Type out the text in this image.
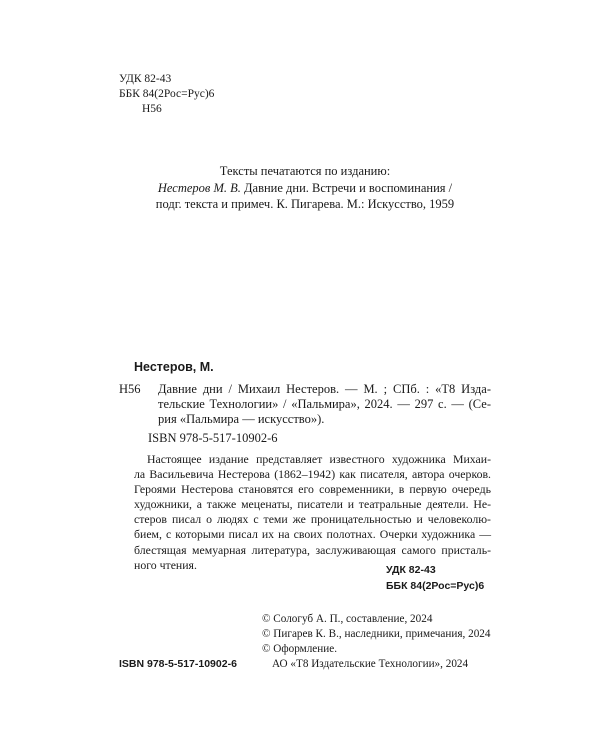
УДК 82-43
ББК 84(2Рос=Рус)6
Н56
Тексты печатаются по изданию:
Нестеров М. В. Давние дни. Встречи и воспоминания /
подг. текста и примеч. К. Пигарева. М.: Искусство, 1959
Нестеров, М.
Н56 Давние дни / Михаил Нестеров. — М. ; СПб. : «Т8 Изда-
тельские Технологии» / «Пальмира», 2024. — 297 с. — (Се-
рия «Пальмира — искусство»).
ISBN 978-5-517-10902-6
Настоящее издание представляет известного художника Михаи-
ла Васильевича Нестерова (1862–1942) как писателя, автора очерков.
Героями Нестерова становятся его современники, в первую очередь
художники, а также меценаты, писатели и театральные деятели. Не-
стеров писал о людях с теми же проницательностью и человеколю-
бием, с которыми писал их на своих полотнах. Очерки художника —
блестящая мемуарная литература, заслуживающая самого присталь-
ного чтения.	УДК 82-43
ББК 84(2Рос=Рус)6
© Сологуб А. П., составление, 2024
© Пигарев К. В., наследники, примечания, 2024
© Оформление.
АО «Т8 Издательские Технологии», 2024
ISBN 978-5-517-10902-6
